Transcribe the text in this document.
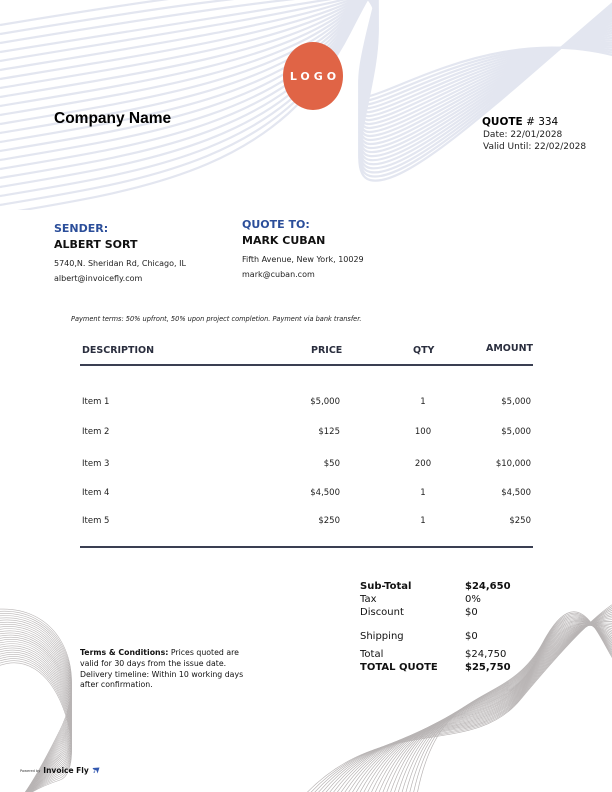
LOGO
Company Name	QUOTE # 334
Date: 22/01/2028
Valid Until: 22/02/2028
SENDER:
ALBERT SORT
5740,N. Sheridan Rd, Chicago, IL
albert@invoicefly.com
QUOTE TO:
MARK CUBAN
Fifth Avenue, New York, 10029
mark@cuban.com
Payment terms: 50% upfront, 50% upon project completion. Payment via bank transfer.
DESCRIPTION	PRICE	QTY	AMOUNT
Item 1	$5,000	1	$5,000
Item 2	$125	100	$5,000
Item 3	$50	200	$10,000
Item 4	$4,500	1	$4,500
Item 5	$250	1	$250
Sub-Total	$24,650
Tax	0%
Discount	$0
Shipping	$0
Total	$24,750
TOTAL QUOTE	$25,750
Terms & Conditions: Prices quoted are valid for 30 days from the issue date. Delivery timeline: Within 10 working days after confirmation.
Powered by Invoice Fly
